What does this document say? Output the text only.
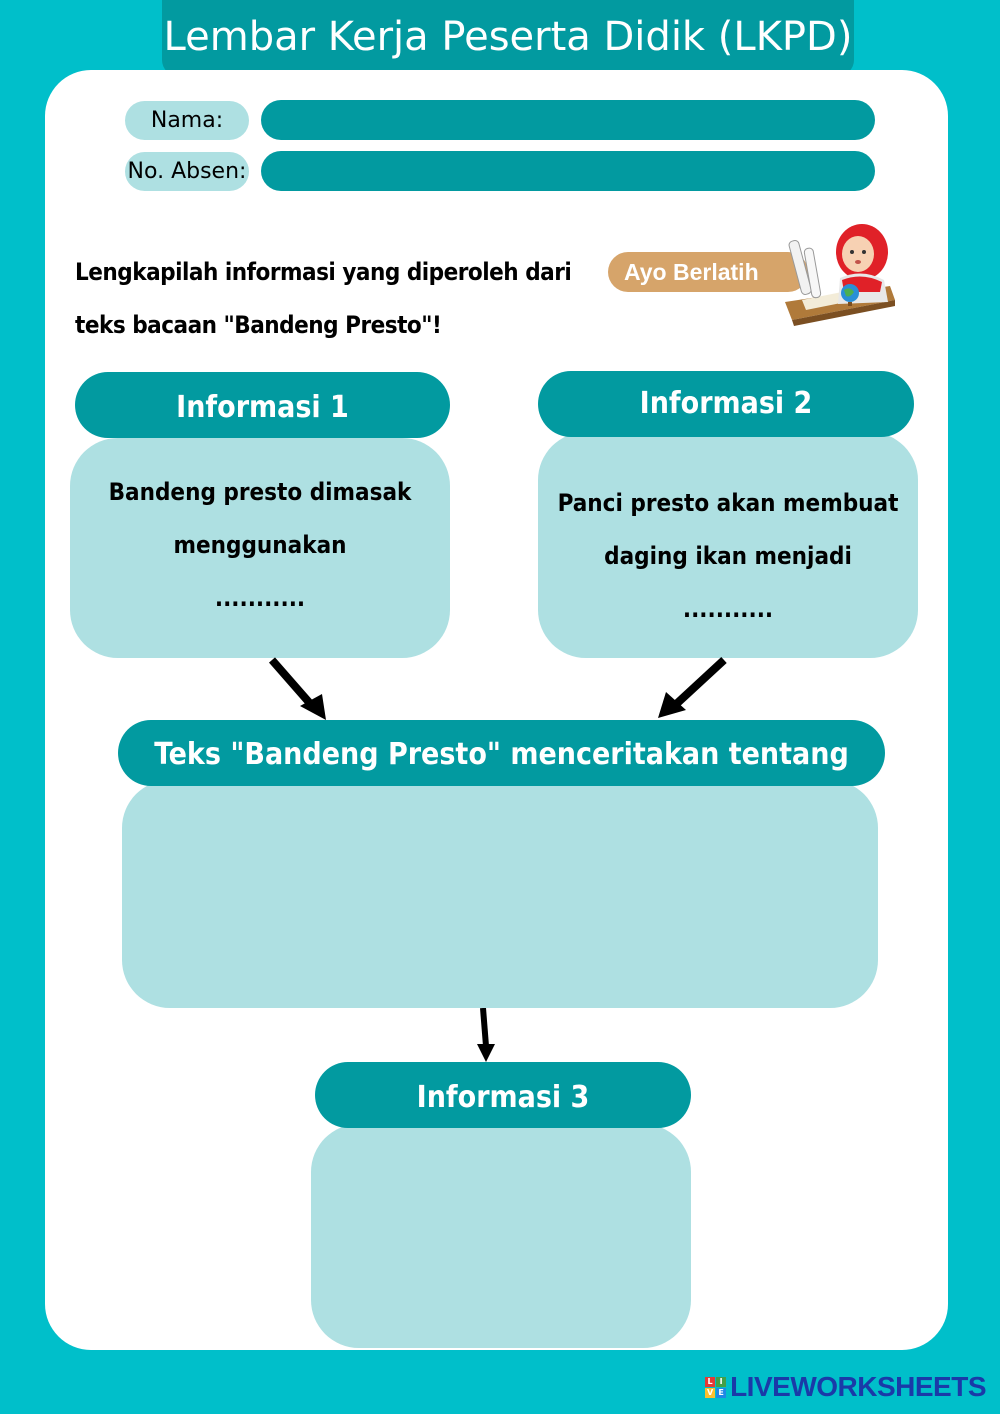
Lembar Kerja Peserta Didik (LKPD)
Nama:
No. Absen:
Lengkapilah informasi yang diperoleh dari
teks bacaan "Bandeng Presto"!
Ayo Berlatih
Bandeng presto dimasak
menggunakan
...........
Informasi 1
Panci presto akan membuat
daging ikan menjadi
...........
Informasi 2
Teks "Bandeng Presto" menceritakan tentang
Informasi 3
L I
V E LIVEWORKSHEETS
